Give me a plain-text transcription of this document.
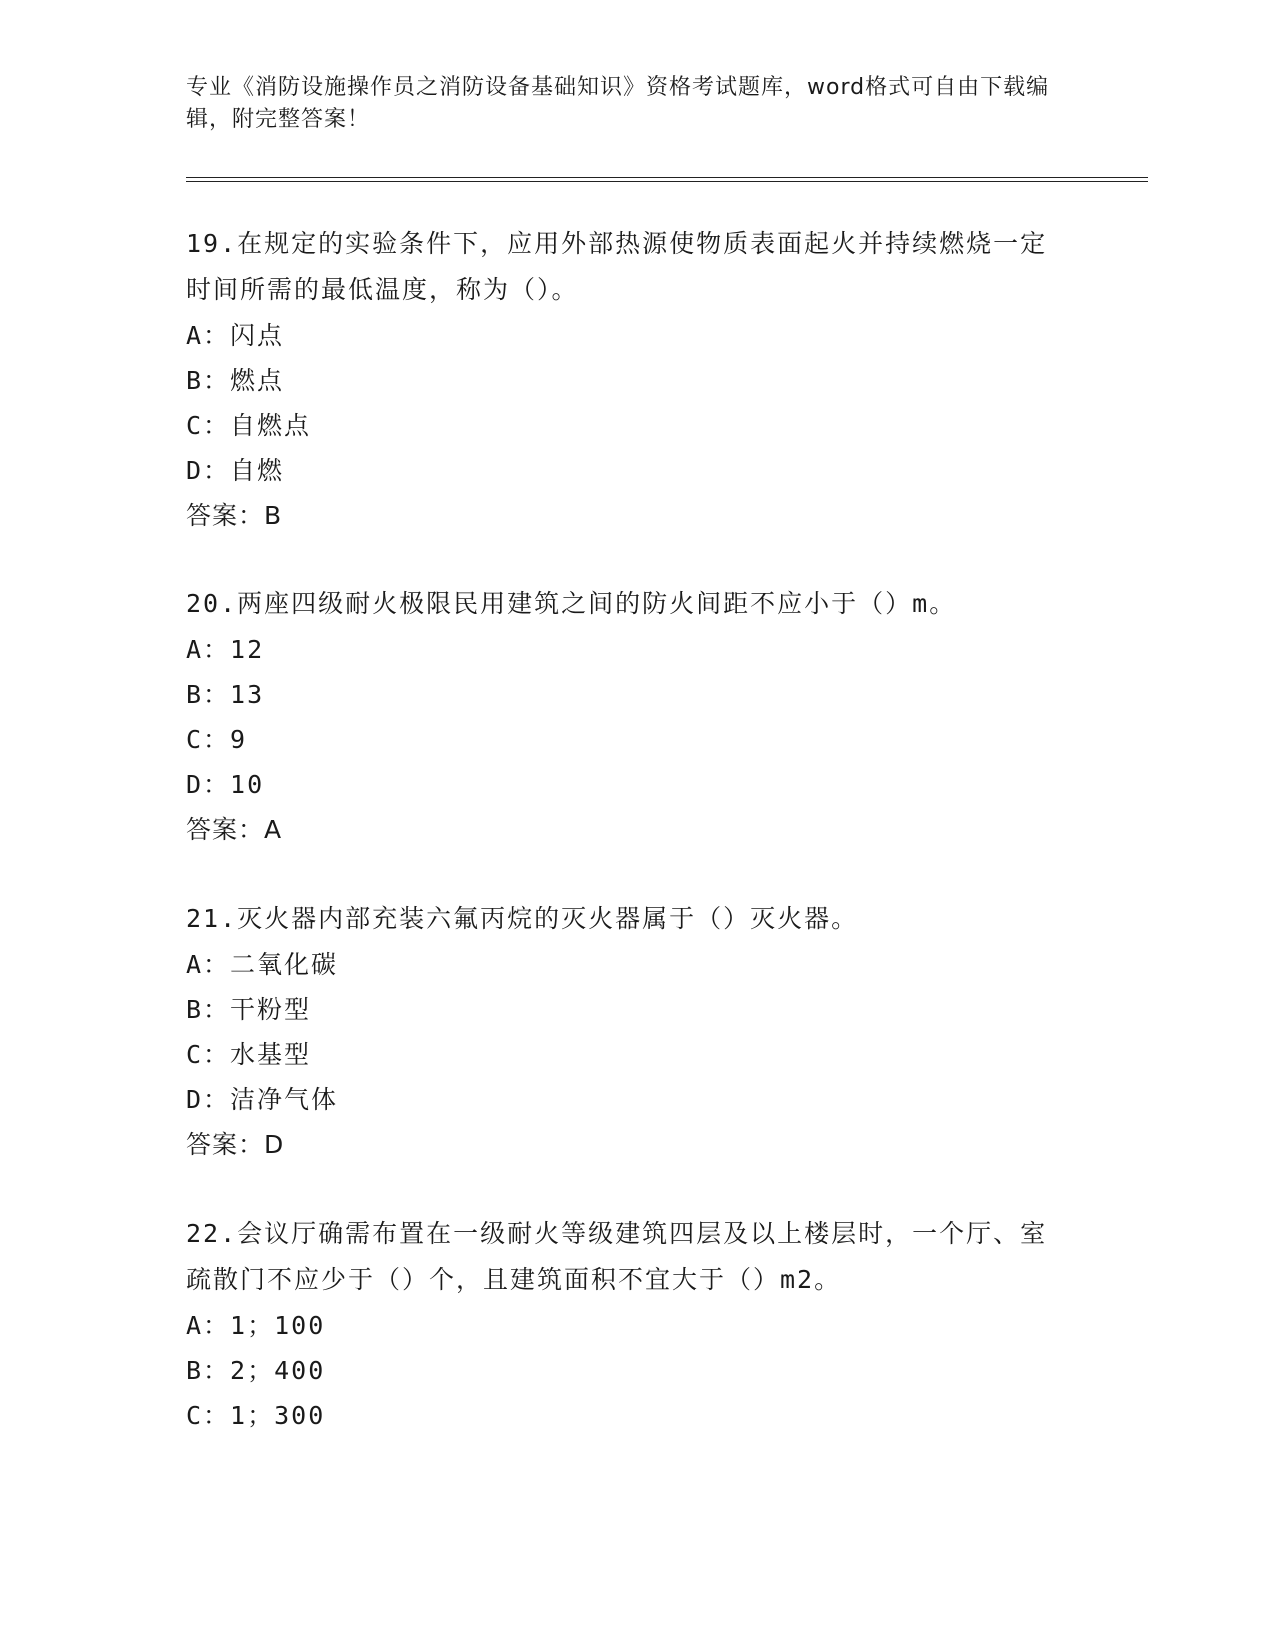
专业《消防设施操作员之消防设备基础知识》资格考试题库，word格式可自由下载编辑，附完整答案！

19.在规定的实验条件下，应用外部热源使物质表面起火并持续燃烧一定时间所需的最低温度，称为（）。

A：闪点

B：燃点

C：自燃点

D：自燃

答案：B

20.两座四级耐火极限民用建筑之间的防火间距不应小于（）m。

A：12

B：13

C：9

D：10

答案：A

21.灭火器内部充装六氟丙烷的灭火器属于（）灭火器。

A：二氧化碳

B：干粉型

C：水基型

D：洁净气体

答案：D

22.会议厅确需布置在一级耐火等级建筑四层及以上楼层时，一个厅、室疏散门不应少于（）个，且建筑面积不宜大于（）m2。

A：1；100

B：2；400

C：1；300
